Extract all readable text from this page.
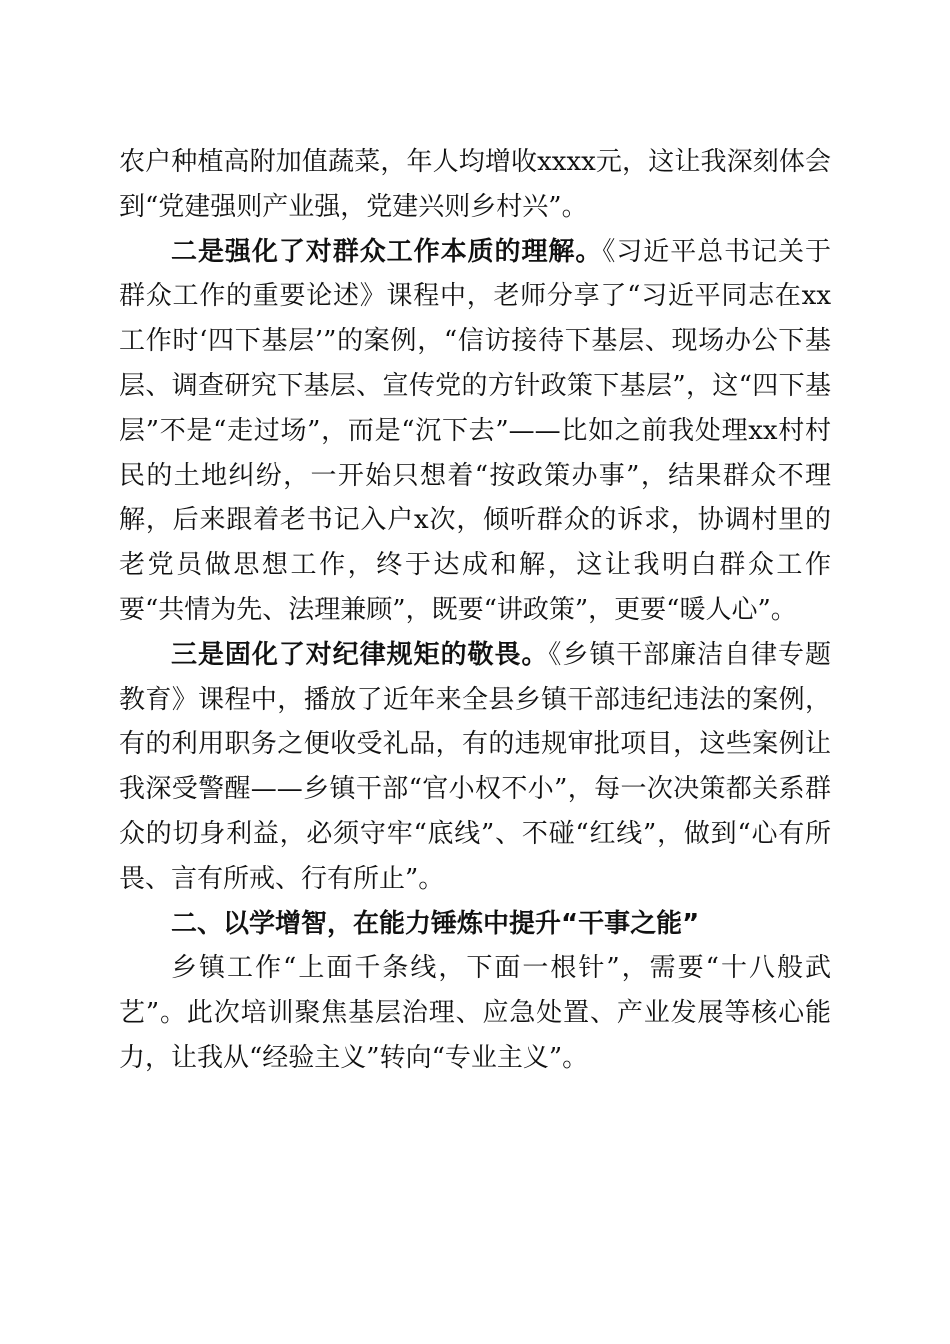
农户种植高附加值蔬菜，年人均增收xxxx元，这让我深刻体会到“党建强则产业强，党建兴则乡村兴”。

二是强化了对群众工作本质的理解。《习近平总书记关于群众工作的重要论述》课程中，老师分享了“习近平同志在xx工作时‘四下基层’”的案例，“信访接待下基层、现场办公下基层、调查研究下基层、宣传党的方针政策下基层”，这“四下基层”不是“走过场”，而是“沉下去”——比如之前我处理xx村村民的土地纠纷，一开始只想着“按政策办事”，结果群众不理解，后来跟着老书记入户x次，倾听群众的诉求，协调村里的老党员做思想工作，终于达成和解，这让我明白群众工作要“共情为先、法理兼顾”，既要“讲政策”，更要“暖人心”。

三是固化了对纪律规矩的敬畏。《乡镇干部廉洁自律专题教育》课程中，播放了近年来全县乡镇干部违纪违法的案例，有的利用职务之便收受礼品，有的违规审批项目，这些案例让我深受警醒——乡镇干部“官小权不小”，每一次决策都关系群众的切身利益，必须守牢“底线”、不碰“红线”，做到“心有所畏、言有所戒、行有所止”。

二、以学增智，在能力锤炼中提升“干事之能”

乡镇工作“上面千条线，下面一根针”，需要“十八般武艺”。此次培训聚焦基层治理、应急处置、产业发展等核心能力，让我从“经验主义”转向“专业主义”。
